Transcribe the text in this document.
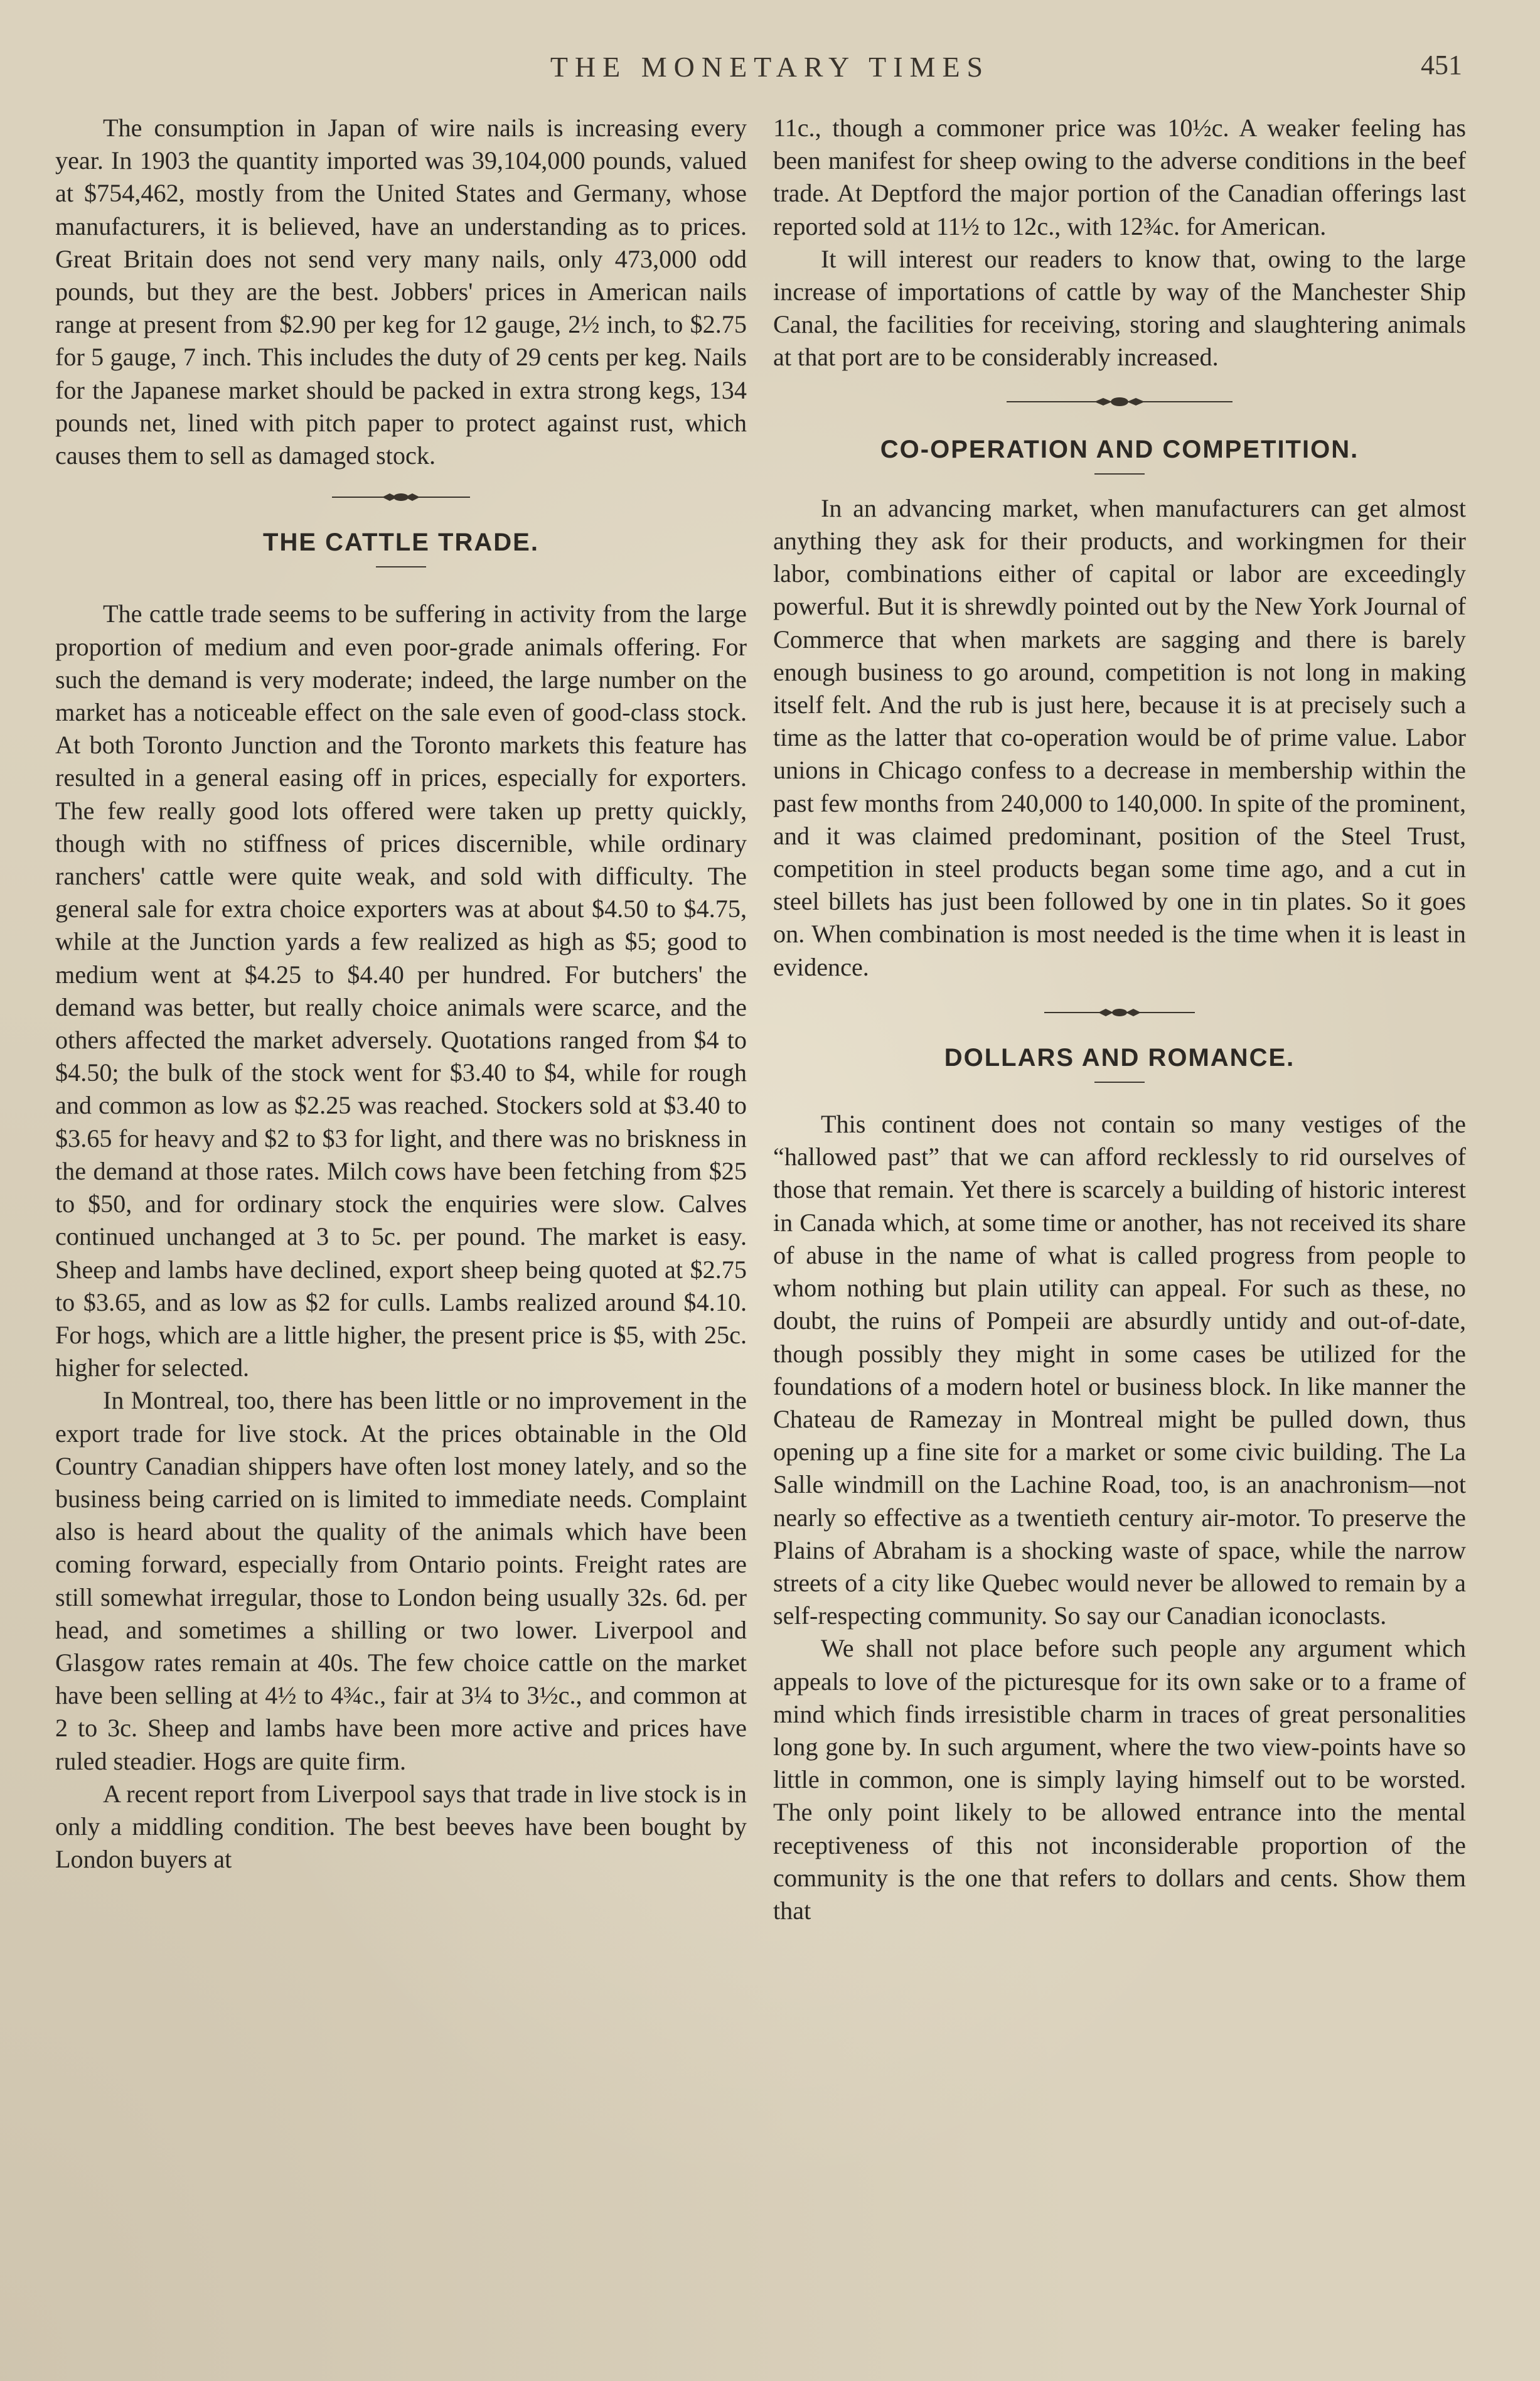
THE MONETARY TIMES	451

The consumption in Japan of wire nails is increasing every year. In 1903 the quantity imported was 39,104,000 pounds, valued at $754,462, mostly from the United States and Germany, whose manufacturers, it is believed, have an understanding as to prices. Great Britain does not send very many nails, only 473,000 odd pounds, but they are the best. Jobbers' prices in American nails range at present from $2.90 per keg for 12 gauge, 2½ inch, to $2.75 for 5 gauge, 7 inch. This includes the duty of 29 cents per keg. Nails for the Japanese market should be packed in extra strong kegs, 134 pounds net, lined with pitch paper to protect against rust, which causes them to sell as damaged stock.

THE CATTLE TRADE.

The cattle trade seems to be suffering in activity from the large proportion of medium and even poor-grade animals offering. For such the demand is very moderate; indeed, the large number on the market has a noticeable effect on the sale even of good-class stock. At both Toronto Junction and the Toronto markets this feature has resulted in a general easing off in prices, especially for exporters. The few really good lots offered were taken up pretty quickly, though with no stiffness of prices discernible, while ordinary ranchers' cattle were quite weak, and sold with difficulty. The general sale for extra choice exporters was at about $4.50 to $4.75, while at the Junction yards a few realized as high as $5; good to medium went at $4.25 to $4.40 per hundred. For butchers' the demand was better, but really choice animals were scarce, and the others affected the market adversely. Quotations ranged from $4 to $4.50; the bulk of the stock went for $3.40 to $4, while for rough and common as low as $2.25 was reached. Stockers sold at $3.40 to $3.65 for heavy and $2 to $3 for light, and there was no briskness in the demand at those rates. Milch cows have been fetching from $25 to $50, and for ordinary stock the enquiries were slow. Calves continued unchanged at 3 to 5c. per pound. The market is easy. Sheep and lambs have declined, export sheep being quoted at $2.75 to $3.65, and as low as $2 for culls. Lambs realized around $4.10. For hogs, which are a little higher, the present price is $5, with 25c. higher for selected.

In Montreal, too, there has been little or no improvement in the export trade for live stock. At the prices obtainable in the Old Country Canadian shippers have often lost money lately, and so the business being carried on is limited to immediate needs. Complaint also is heard about the quality of the animals which have been coming forward, especially from Ontario points. Freight rates are still somewhat irregular, those to London being usually 32s. 6d. per head, and sometimes a shilling or two lower. Liverpool and Glasgow rates remain at 40s. The few choice cattle on the market have been selling at 4½ to 4¾c., fair at 3¼ to 3½c., and common at 2 to 3c. Sheep and lambs have been more active and prices have ruled steadier. Hogs are quite firm.

A recent report from Liverpool says that trade in live stock is in only a middling condition. The best beeves have been bought by London buyers at

11c., though a commoner price was 10½c. A weaker feeling has been manifest for sheep owing to the adverse conditions in the beef trade. At Deptford the major portion of the Canadian offerings last reported sold at 11½ to 12c., with 12¾c. for American.

It will interest our readers to know that, owing to the large increase of importations of cattle by way of the Manchester Ship Canal, the facilities for receiving, storing and slaughtering animals at that port are to be considerably increased.

CO-OPERATION AND COMPETITION.

In an advancing market, when manufacturers can get almost anything they ask for their products, and workingmen for their labor, combinations either of capital or labor are exceedingly powerful. But it is shrewdly pointed out by the New York Journal of Commerce that when markets are sagging and there is barely enough business to go around, competition is not long in making itself felt. And the rub is just here, because it is at precisely such a time as the latter that co-operation would be of prime value. Labor unions in Chicago confess to a decrease in membership within the past few months from 240,000 to 140,000. In spite of the prominent, and it was claimed predominant, position of the Steel Trust, competition in steel products began some time ago, and a cut in steel billets has just been followed by one in tin plates. So it goes on. When combination is most needed is the time when it is least in evidence.

DOLLARS AND ROMANCE.

This continent does not contain so many vestiges of the “hallowed past” that we can afford recklessly to rid ourselves of those that remain. Yet there is scarcely a building of historic interest in Canada which, at some time or another, has not received its share of abuse in the name of what is called progress from people to whom nothing but plain utility can appeal. For such as these, no doubt, the ruins of Pompeii are absurdly untidy and out-of-date, though possibly they might in some cases be utilized for the foundations of a modern hotel or business block. In like manner the Chateau de Ramezay in Montreal might be pulled down, thus opening up a fine site for a market or some civic building. The La Salle windmill on the Lachine Road, too, is an anachronism—not nearly so effective as a twentieth century air-motor. To preserve the Plains of Abraham is a shocking waste of space, while the narrow streets of a city like Quebec would never be allowed to remain by a self-respecting community. So say our Canadian iconoclasts.

We shall not place before such people any argument which appeals to love of the picturesque for its own sake or to a frame of mind which finds irresistible charm in traces of great personalities long gone by. In such argument, where the two view-points have so little in common, one is simply laying himself out to be worsted. The only point likely to be allowed entrance into the mental receptiveness of this not inconsiderable proportion of the community is the one that refers to dollars and cents. Show them that
